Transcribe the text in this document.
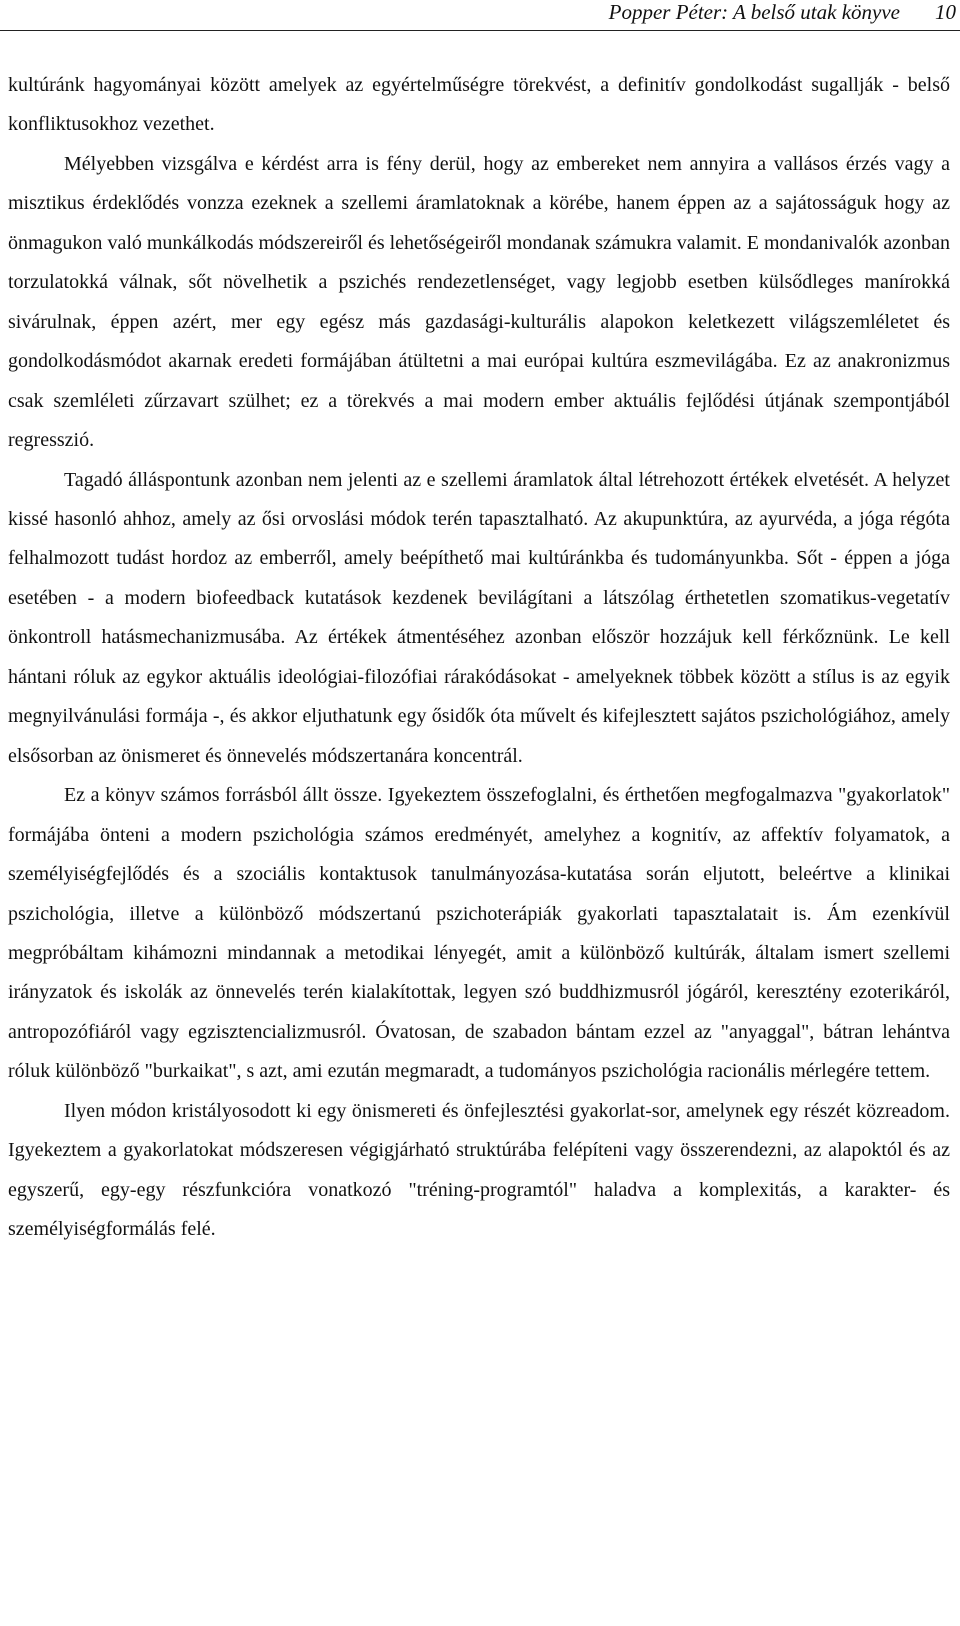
Popper Péter: A belső utak könyve 10

kultúránk hagyományai között amelyek az egyértelműségre törekvést, a definitív gondolkodást sugallják - belső konfliktusokhoz vezethet.

Mélyebben vizsgálva e kérdést arra is fény derül, hogy az embereket nem annyira a vallásos érzés vagy a misztikus érdeklődés vonzza ezeknek a szellemi áramlatoknak a körébe, hanem éppen az a sajátosságuk hogy az önmagukon való munkálkodás módszereiről és lehetőségeiről mondanak számukra valamit. E mondanivalók azonban torzulatokká válnak, sőt növelhetik a pszichés rendezetlenséget, vagy legjobb esetben külsődleges manírokká sivárulnak, éppen azért, mer egy egész más gazdasági-kulturális alapokon keletkezett világszemléletet és gondolkodásmódot akarnak eredeti formájában átültetni a mai európai kultúra eszmevilágába. Ez az anakronizmus csak szemléleti zűrzavart szülhet; ez a törekvés a mai modern ember aktuális fejlődési útjának szempontjából regresszió.

Tagadó álláspontunk azonban nem jelenti az e szellemi áramlatok által létrehozott értékek elvetését. A helyzet kissé hasonló ahhoz, amely az ősi orvoslási módok terén tapasztalható. Az akupunktúra, az ayurvéda, a jóga régóta felhalmozott tudást hordoz az emberről, amely beépíthető mai kultúránkba és tudományunkba. Sőt - éppen a jóga esetében - a modern biofeedback kutatások kezdenek bevilágítani a látszólag érthetetlen szomatikus-vegetatív önkontroll hatásmechanizmusába. Az értékek átmentéséhez azonban először hozzájuk kell férkőznünk. Le kell hántani róluk az egykor aktuális ideológiai-filozófiai rárakódásokat - amelyeknek többek között a stílus is az egyik megnyilvánulási formája -, és akkor eljuthatunk egy ősidők óta művelt és kifejlesztett sajátos pszichológiához, amely elsősorban az önismeret és önnevelés módszertanára koncentrál.

Ez a könyv számos forrásból állt össze. Igyekeztem összefoglalni, és érthetően megfogalmazva "gyakorlatok" formájába önteni a modern pszichológia számos eredményét, amelyhez a kognitív, az affektív folyamatok, a személyiségfejlődés és a szociális kontaktusok tanulmányozása-kutatása során eljutott, beleértve a klinikai pszichológia, illetve a különböző módszertanú pszichoterápiák gyakorlati tapasztalatait is. Ám ezenkívül megpróbáltam kihámozni mindannak a metodikai lényegét, amit a különböző kultúrák, általam ismert szellemi irányzatok és iskolák az önnevelés terén kialakítottak, legyen szó buddhizmusról jógáról, keresztény ezoterikáról, antropozófiáról vagy egzisztencializmusról. Óvatosan, de szabadon bántam ezzel az "anyaggal", bátran lehántva róluk különböző "burkaikat", s azt, ami ezután megmaradt, a tudományos pszichológia racionális mérlegére tettem.

Ilyen módon kristályosodott ki egy önismereti és önfejlesztési gyakorlat-sor, amelynek egy részét közreadom. Igyekeztem a gyakorlatokat módszeresen végigjárható struktúrába felépíteni vagy összerendezni, az alapoktól és az egyszerű, egy-egy részfunkcióra vonatkozó "tréning-programtól" haladva a komplexitás, a karakter- és személyiségformálás felé.
